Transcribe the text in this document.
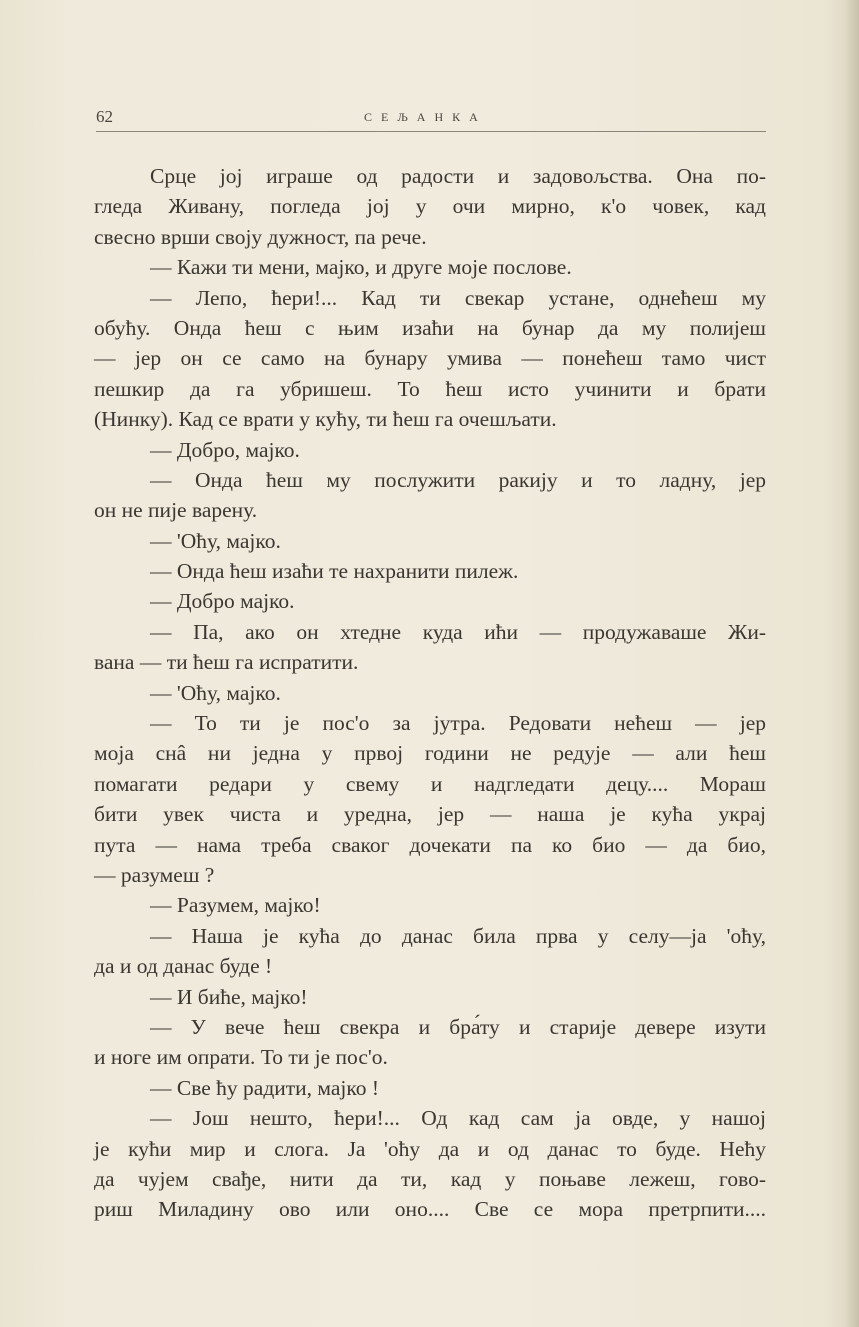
62	СЕЉАНКА
Срце јој играше од радости и задовољства. Она по-
гледа Живану, погледа јој у очи мирно, к'о човек, кад
свесно врши своју дужност, па рече.
— Кажи ти мени, мајко, и друге моје послове.
— Лепо, ћери!... Кад ти свекар устане, однећеш му
обућу. Онда ћеш с њим изаћи на бунар да му полијеш
— јер он се само на бунару умива — понећеш тамо чист
пешкир да га убришеш. То ћеш исто учинити и брати
(Нинку). Кад се врати у кућу, ти ћеш га очешљати.
— Добро, мајко.
— Онда ћеш му послужити ракију и то ладну, јер
он не пије варену.
— 'Оћу, мајко.
— Онда ћеш изаћи те нахранити пилеж.
— Добро мајко.
— Па, ако он хтедне куда ићи — продужаваше Жи-
вана — ти ћеш га испратити.
— 'Оћу, мајко.
— То ти је пос'о за јутра. Редовати нећеш — јер
моја снâ ни једна у првој години не редује — али ћеш
помагати редари у свему и надгледати децу.... Мораш
бити увек чиста и уредна, јер — наша је кућа украј
пута — нама треба сваког дочекати па ко био — да био,
— разумеш ?
— Разумем, мајко!
— Наша је кућа до данас била прва у селу—ја 'оћу,
да и од данас буде !
— И биће, мајко!
— У вече ћеш свекра и бра́ту и старије девере изути
и ноге им опрати. То ти је пос'о.
— Све ћу радити, мајко !
— Још нешто, ћери!... Од кад сам ја овде, у нашој
је кући мир и слога. Ја 'оћу да и од данас то буде. Нећу
да чујем свађе, нити да ти, кад у поњаве лежеш, гово-
риш Миладину ово или оно.... Све се мора претрпити....
